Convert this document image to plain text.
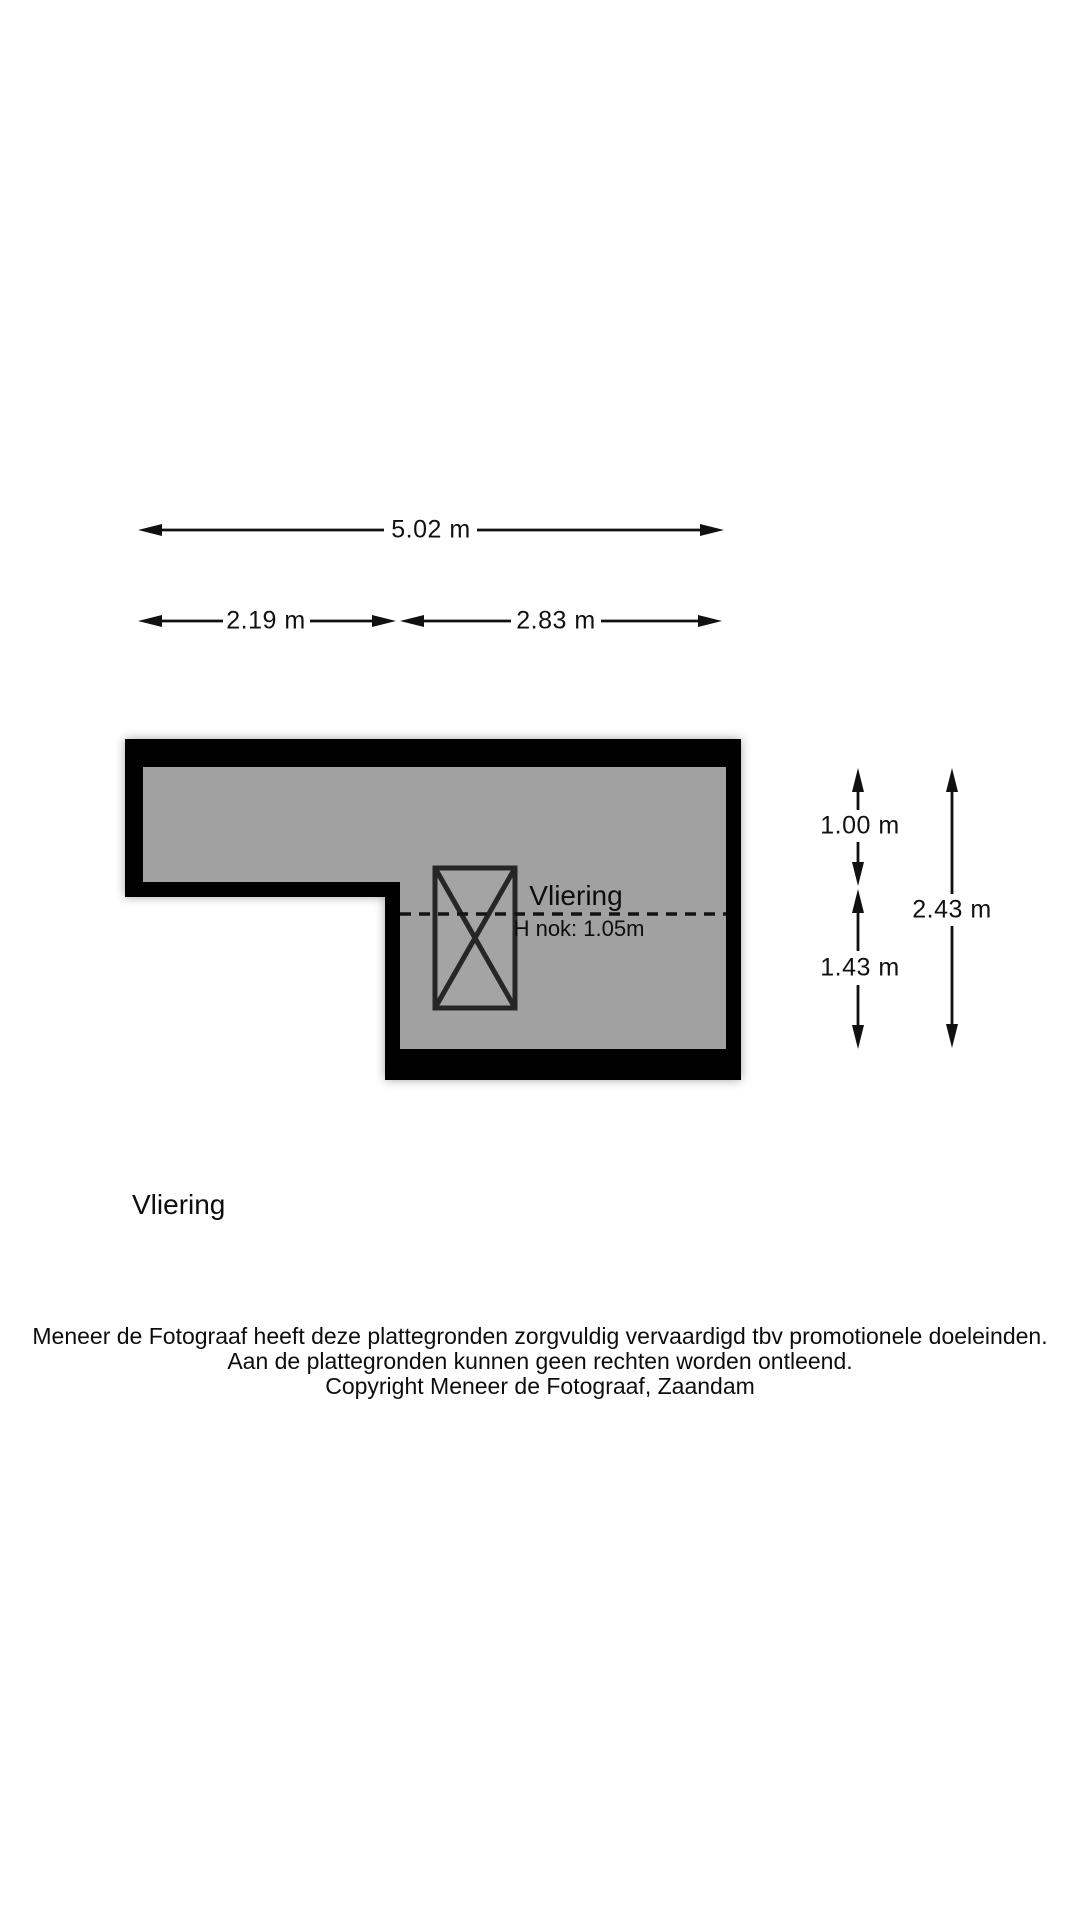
5.02 m
2.19 m	2.83 m
1.00 m
1.43 m
2.43 m
Vliering
H nok: 1.05m
Vliering
Meneer de Fotograaf heeft deze plattegronden zorgvuldig vervaardigd tbv promotionele doeleinden.
Aan de plattegronden kunnen geen rechten worden ontleend.
Copyright Meneer de Fotograaf, Zaandam
